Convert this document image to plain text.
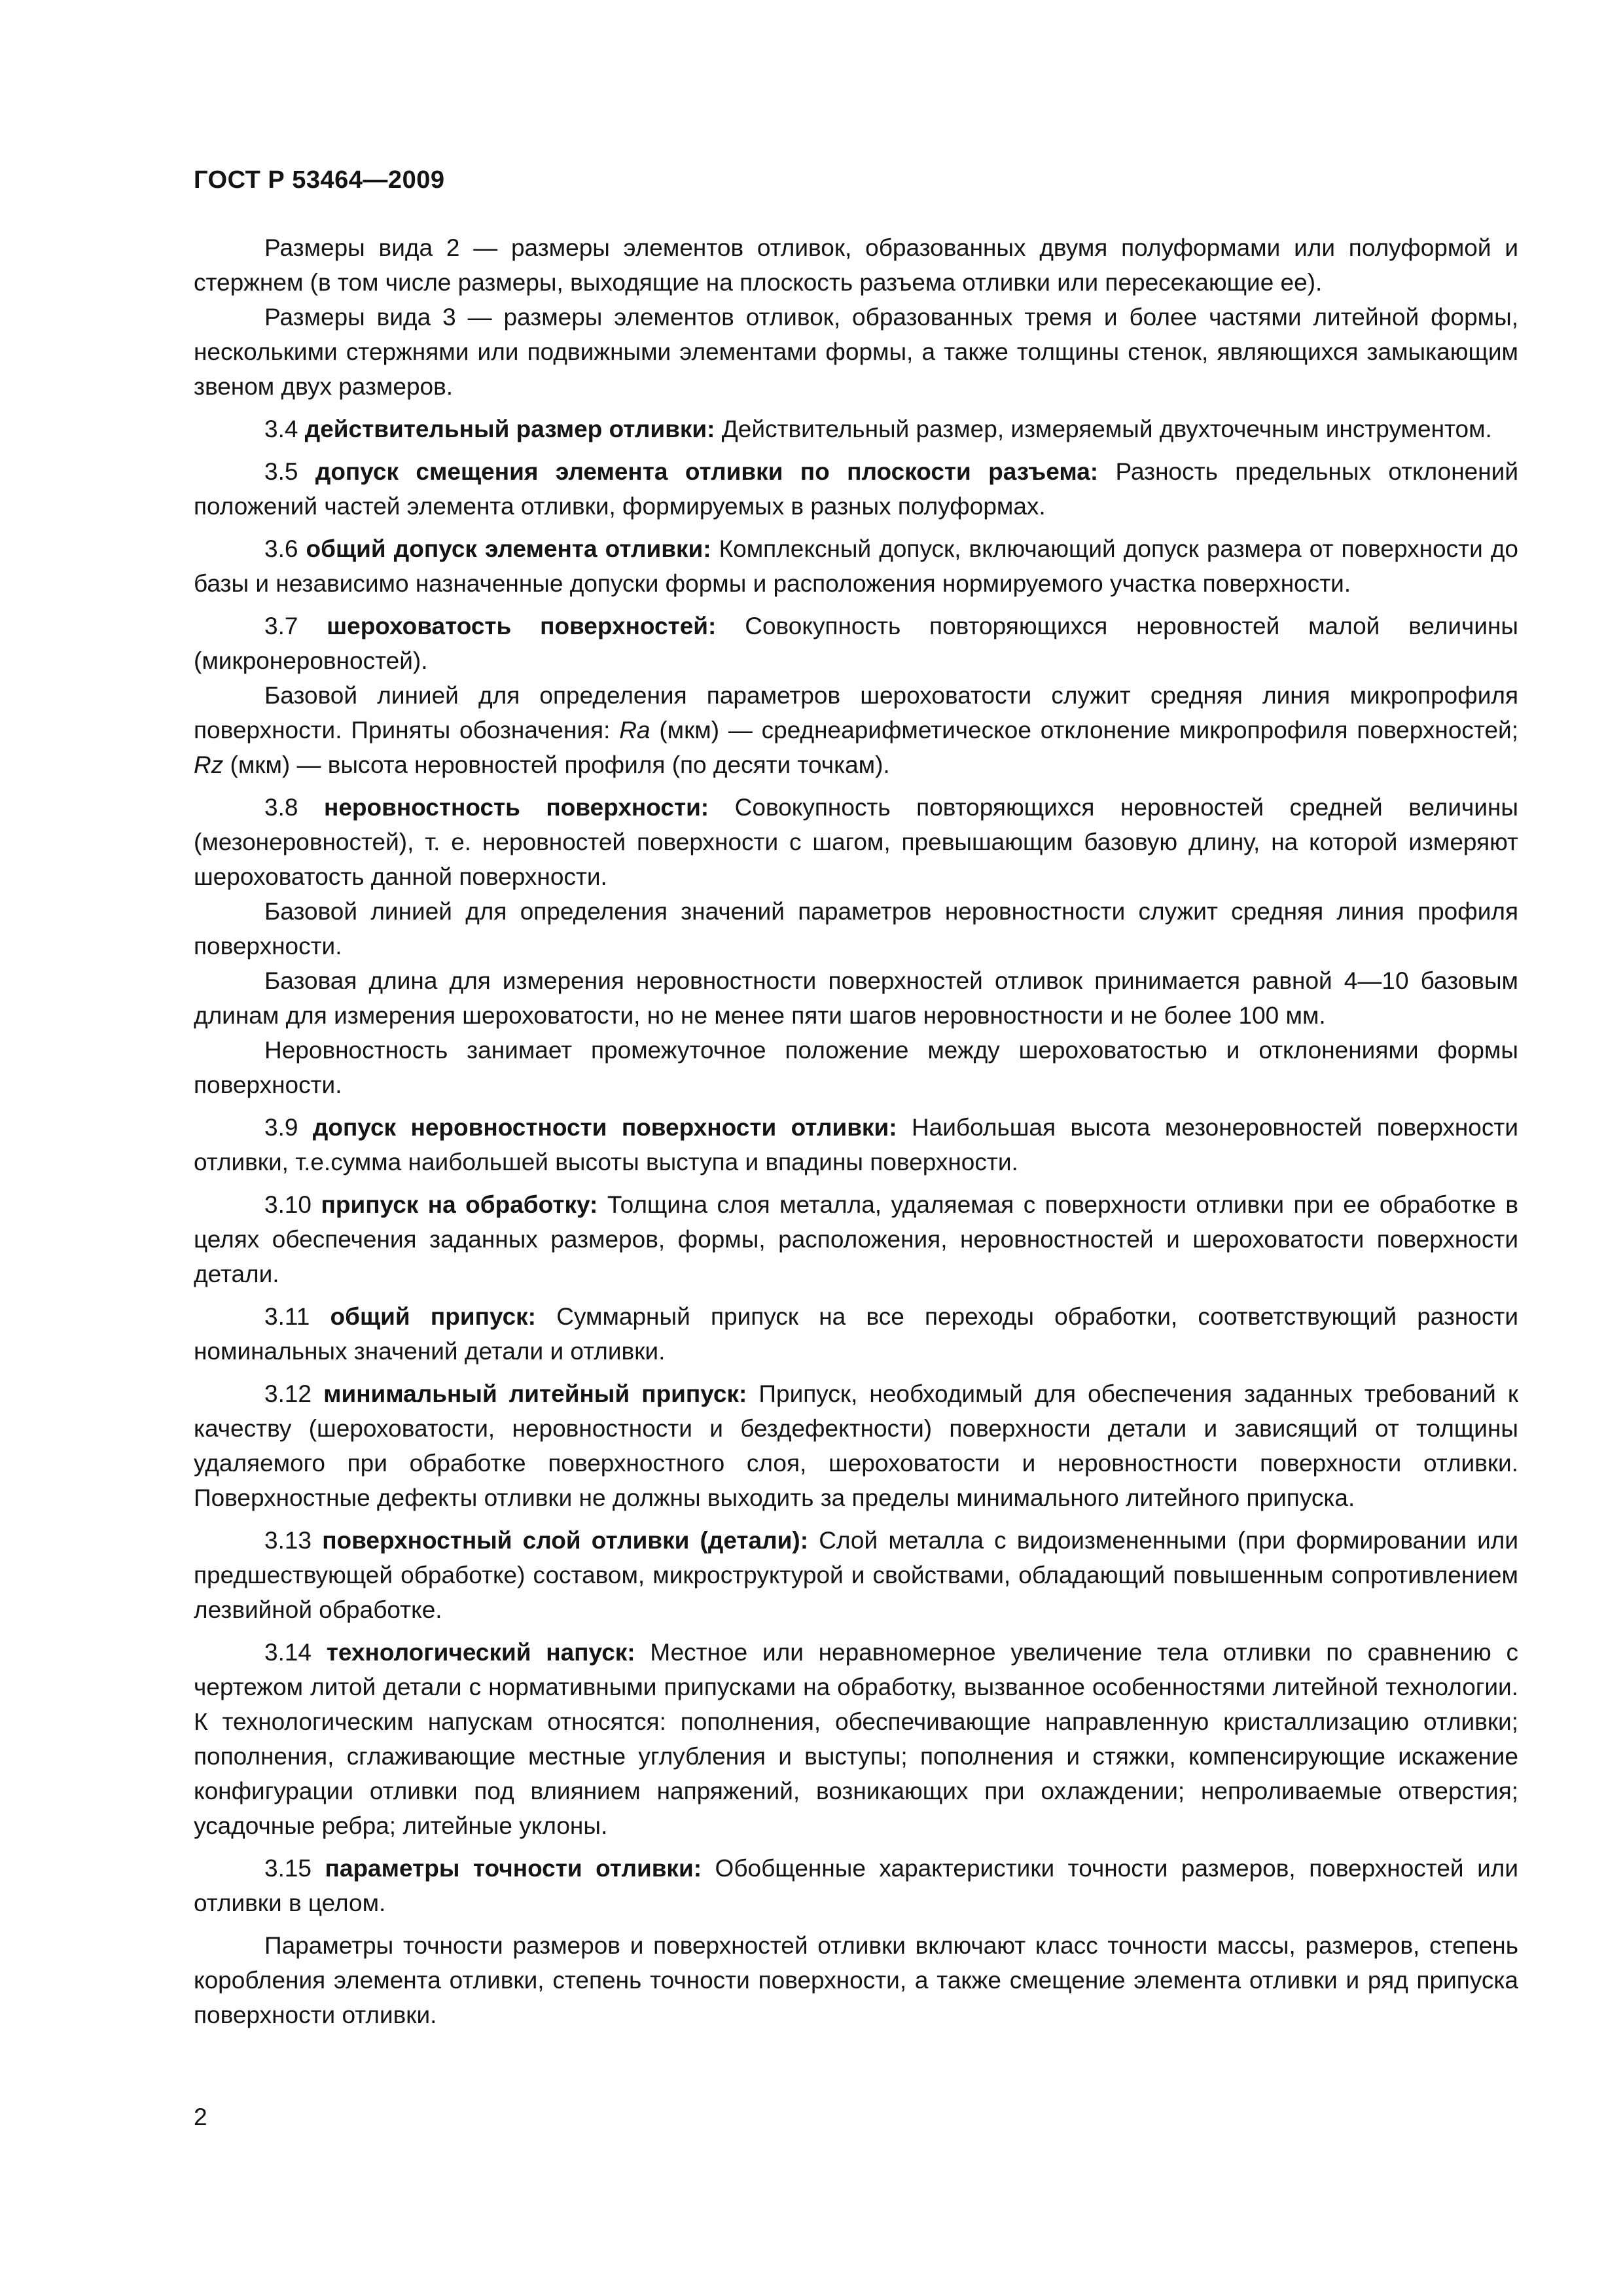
ГОСТ Р 53464—2009

Размеры вида 2 — размеры элементов отливок, образованных двумя полуформами или полуформой и стержнем (в том числе размеры, выходящие на плоскость разъема отливки или пересекающие ее).

Размеры вида 3 — размеры элементов отливок, образованных тремя и более частями литейной формы, несколькими стержнями или подвижными элементами формы, а также толщины стенок, являющихся замыкающим звеном двух размеров.

3.4 действительный размер отливки: Действительный размер, измеряемый двухточечным инструментом.

3.5 допуск смещения элемента отливки по плоскости разъема: Разность предельных отклонений положений частей элемента отливки, формируемых в разных полуформах.

3.6 общий допуск элемента отливки: Комплексный допуск, включающий допуск размера от поверхности до базы и независимо назначенные допуски формы и расположения нормируемого участка поверхности.

3.7 шероховатость поверхностей: Совокупность повторяющихся неровностей малой величины (микронеровностей).

Базовой линией для определения параметров шероховатости служит средняя линия микропрофиля поверхности. Приняты обозначения: Ra (мкм) — среднеарифметическое отклонение микропрофиля поверхностей; Rz (мкм) — высота неровностей профиля (по десяти точкам).

3.8 неровностность поверхности: Совокупность повторяющихся неровностей средней величины (мезонеровностей), т. е. неровностей поверхности с шагом, превышающим базовую длину, на которой измеряют шероховатость данной поверхности.

Базовой линией для определения значений параметров неровностности служит средняя линия профиля поверхности.

Базовая длина для измерения неровностности поверхностей отливок принимается равной 4—10 базовым длинам для измерения шероховатости, но не менее пяти шагов неровностности и не более 100 мм.

Неровностность занимает промежуточное положение между шероховатостью и отклонениями формы поверхности.

3.9 допуск неровностности поверхности отливки: Наибольшая высота мезонеровностей поверхности отливки, т.е.сумма наибольшей высоты выступа и впадины поверхности.

3.10 припуск на обработку: Толщина слоя металла, удаляемая с поверхности отливки при ее обработке в целях обеспечения заданных размеров, формы, расположения, неровностностей и шероховатости поверхности детали.

3.11 общий припуск: Суммарный припуск на все переходы обработки, соответствующий разности номинальных значений детали и отливки.

3.12 минимальный литейный припуск: Припуск, необходимый для обеспечения заданных требований к качеству (шероховатости, неровностности и бездефектности) поверхности детали и зависящий от толщины удаляемого при обработке поверхностного слоя, шероховатости и неровностности поверхности отливки. Поверхностные дефекты отливки не должны выходить за пределы минимального литейного припуска.

3.13 поверхностный слой отливки (детали): Слой металла с видоизмененными (при формировании или предшествующей обработке) составом, микроструктурой и свойствами, обладающий повышенным сопротивлением лезвийной обработке.

3.14 технологический напуск: Местное или неравномерное увеличение тела отливки по сравнению с чертежом литой детали с нормативными припусками на обработку, вызванное особенностями литейной технологии. К технологическим напускам относятся: пополнения, обеспечивающие направленную кристаллизацию отливки; пополнения, сглаживающие местные углубления и выступы; пополнения и стяжки, компенсирующие искажение конфигурации отливки под влиянием напряжений, возникающих при охлаждении; непроливаемые отверстия; усадочные ребра; литейные уклоны.

3.15 параметры точности отливки: Обобщенные характеристики точности размеров, поверхностей или отливки в целом.

Параметры точности размеров и поверхностей отливки включают класс точности массы, размеров, степень коробления элемента отливки, степень точности поверхности, а также смещение элемента отливки и ряд припуска поверхности отливки.

2
